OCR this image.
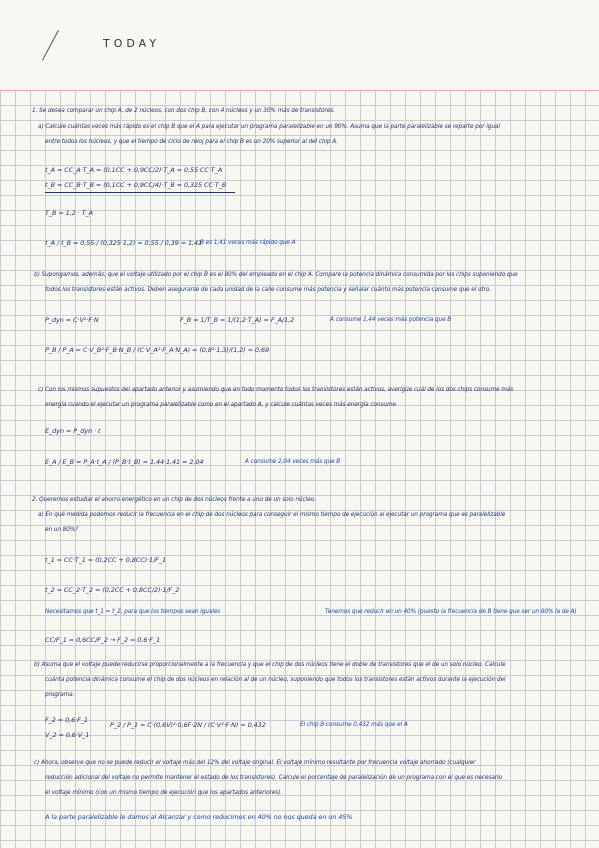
TODAY
1. Se desea comparar un chip A, de 2 núcleos, con dos chip B, con 4 núcleos y un 30% más de transistores.
a) Calcule cuántas veces más rápido es el chip B que el A para ejecutar un programa paralelizable en un 90%. Asuma que la parte paralelizable se reparte por igual
entre todos los núcleos, y que el tiempo de ciclo de reloj para el chip B es un 20% superior al del chip A.
t_A = CC_A·T_A = (0,1CC + 0,9CC/2)·T_A = 0,55 CC·T_A
t_B = CC_B·T_B = (0,1CC + 0,9CC/4)·T_B = 0,325 CC·T_B
T_B = 1,2 · T_A
t_A / t_B = 0,55 / (0,325·1,2) = 0,55 / 0,39 = 1,41
B es 1,41 veces más rápido que A
b) Supongamos, además, que el voltaje utilizado por el chip B es el 80% del empleado en el chip A. Compare la potencia dinámica consumida por los chips suponiendo que
todos los transistores están activos. Deben asegurarse de cada unidad de la calle consume más potencia y señalar cuánto más potencia consume que el otro.
P_dyn = C·V²·F·N	F_B = 1/T_B = 1/(1,2·T_A) = F_A/1,2	A consume 1,44 veces más potencia que B
P_B / P_A = C·V_B²·F_B·N_B / (C·V_A²·F_A·N_A) = (0,8²·1,3)/(1,2) = 0,69
c) Con los mismos supuestos del apartado anterior y asumiendo que en todo momento todos los transistores están activos, averigüe cuál de los dos chips consume más
energía cuando el ejecutar un programa paralelizable como en el apartado A, y calcule cuántas veces más energía consume
E_dyn = P_dyn · t
E_A / E_B = P_A·t_A / (P_B·t_B) = 1,44·1,41 = 2,04	A consume 2,04 veces más que B
2. Queremos estudiar el ahorro energético en un chip de dos núcleos frente a uno de un solo núcleo.
a) En qué medida podemos reducir la frecuencia en el chip de dos núcleos para conseguir el mismo tiempo de ejecución al ejecutar un programa que es paralelizable
en un 80%?
t_1 = CC·T_1 = (0,2CC + 0,8CC)·1/F_1
t_2 = CC_2·T_2 = (0,2CC + 0,8CC/2)·1/F_2
Necesitamos que t_1 = t_2, para que los tiempos sean iguales	Tenemos que reducir en un 40% (puesto la frecuencia de B tiene que ser un 60% la de A)
CC/F_1 = 0,6CC/F_2 → F_2 = 0,6·F_1
b) Asuma que el voltaje puede reducirse proporcionalmente a la frecuencia y que el chip de dos núcleos tiene el doble de transistores que el de un solo núcleo. Calcule
cuánta potencia dinámica consume el chip de dos núcleos en relación al de un núcleo, suponiendo que todos los transistores están activos durante la ejecución del
programa.
F_2 = 0,6·F_1
V_2 = 0,6·V_1
P_2 / P_1 = C·(0,6V)²·0,6F·2N / (C·V²·F·N) = 0,432	El chip B consume 0,432 más que el A
c) Ahora, observe que no se puede reducir el voltaje más del 12% del voltaje original. El voltaje mínimo resultante por frecuencia voltaje ahorrado (cualquier
reducción adicional del voltaje no permite mantener el estado de los transistores). Calcule el porcentaje de paralelización de un programa con el que es necesario
el voltaje mínimo (con un mismo tiempo de ejecución que los apartados anteriores).
A la parte paralelizable le damos al Alcanzar y como reducimos en 40% no nos queda en un 45%
